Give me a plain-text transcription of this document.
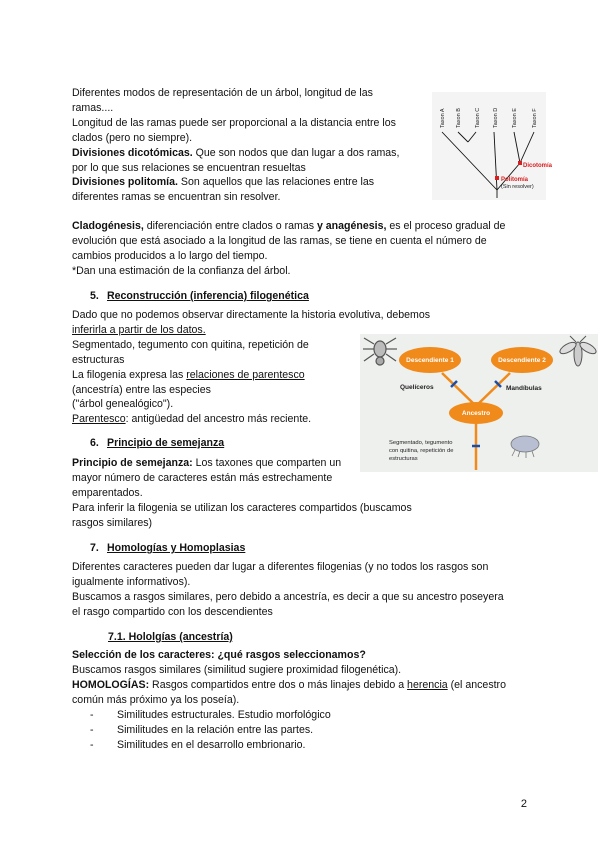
Diferentes modos de representación de un árbol, longitud de las
ramas....
Longitud de las ramas puede ser proporcional a la distancia entre los
clados (pero no siempre).
Divisiones dicotómicas. Que son nodos que dan lugar a dos ramas,
por lo que sus relaciones se encuentran resueltas
Divisiones politomía. Son aquellos que las relaciones entre las
diferentes ramas se encuentran sin resolver.
Taxon A Taxon B Taxon C Taxon D Taxon E	Taxon F
Dicotomía
Politomía
(Sin resolver)
Cladogénesis, diferenciación entre clados o ramas y anagénesis, es el proceso gradual de
evolución que está asociado a la longitud de las ramas, se tiene en cuenta el número de
cambios producidos a lo largo del tiempo.
*Dan una estimación de la confianza del árbol.
5. Reconstrucción (inferencia) filogenética
Dado que no podemos observar directamente la historia evolutiva, debemos
inferirla a partir de los datos.
Segmentado, tegumento con quitina, repetición de
estructuras
La filogenia expresa las relaciones de parentesco
(ancestría) entre las especies
("árbol genealógico").
Parentesco: antigüedad del ancestro más reciente.
Descendiente 1	Descendiente 2
Quelíceros	Mandíbulas
Ancestro
Segmentado, tegumento
con quitina, repetición de
estructuras
6. Principio de semejanza
Principio de semejanza: Los taxones que comparten un
mayor número de caracteres están más estrechamente
emparentados.
Para inferir la filogenia se utilizan los caracteres compartidos (buscamos
rasgos similares)
7. Homologías y Homoplasias
Diferentes caracteres pueden dar lugar a diferentes filogenias (y no todos los rasgos son
igualmente informativos).
Buscamos a rasgos similares, pero debido a ancestría, es decir a que su ancestro poseyera
el rasgo compartido con los descendientes
7.1. Hololgías (ancestría)
Selección de los caracteres: ¿qué rasgos seleccionamos?
Buscamos rasgos similares (similitud sugiere proximidad filogenética).
HOMOLOGÍAS: Rasgos compartidos entre dos o más linajes debido a herencia (el ancestro
común más próximo ya los poseía).
- Similitudes estructurales. Estudio morfológico
- Similitudes en la relación entre las partes.
- Similitudes en el desarrollo embrionario.
2
